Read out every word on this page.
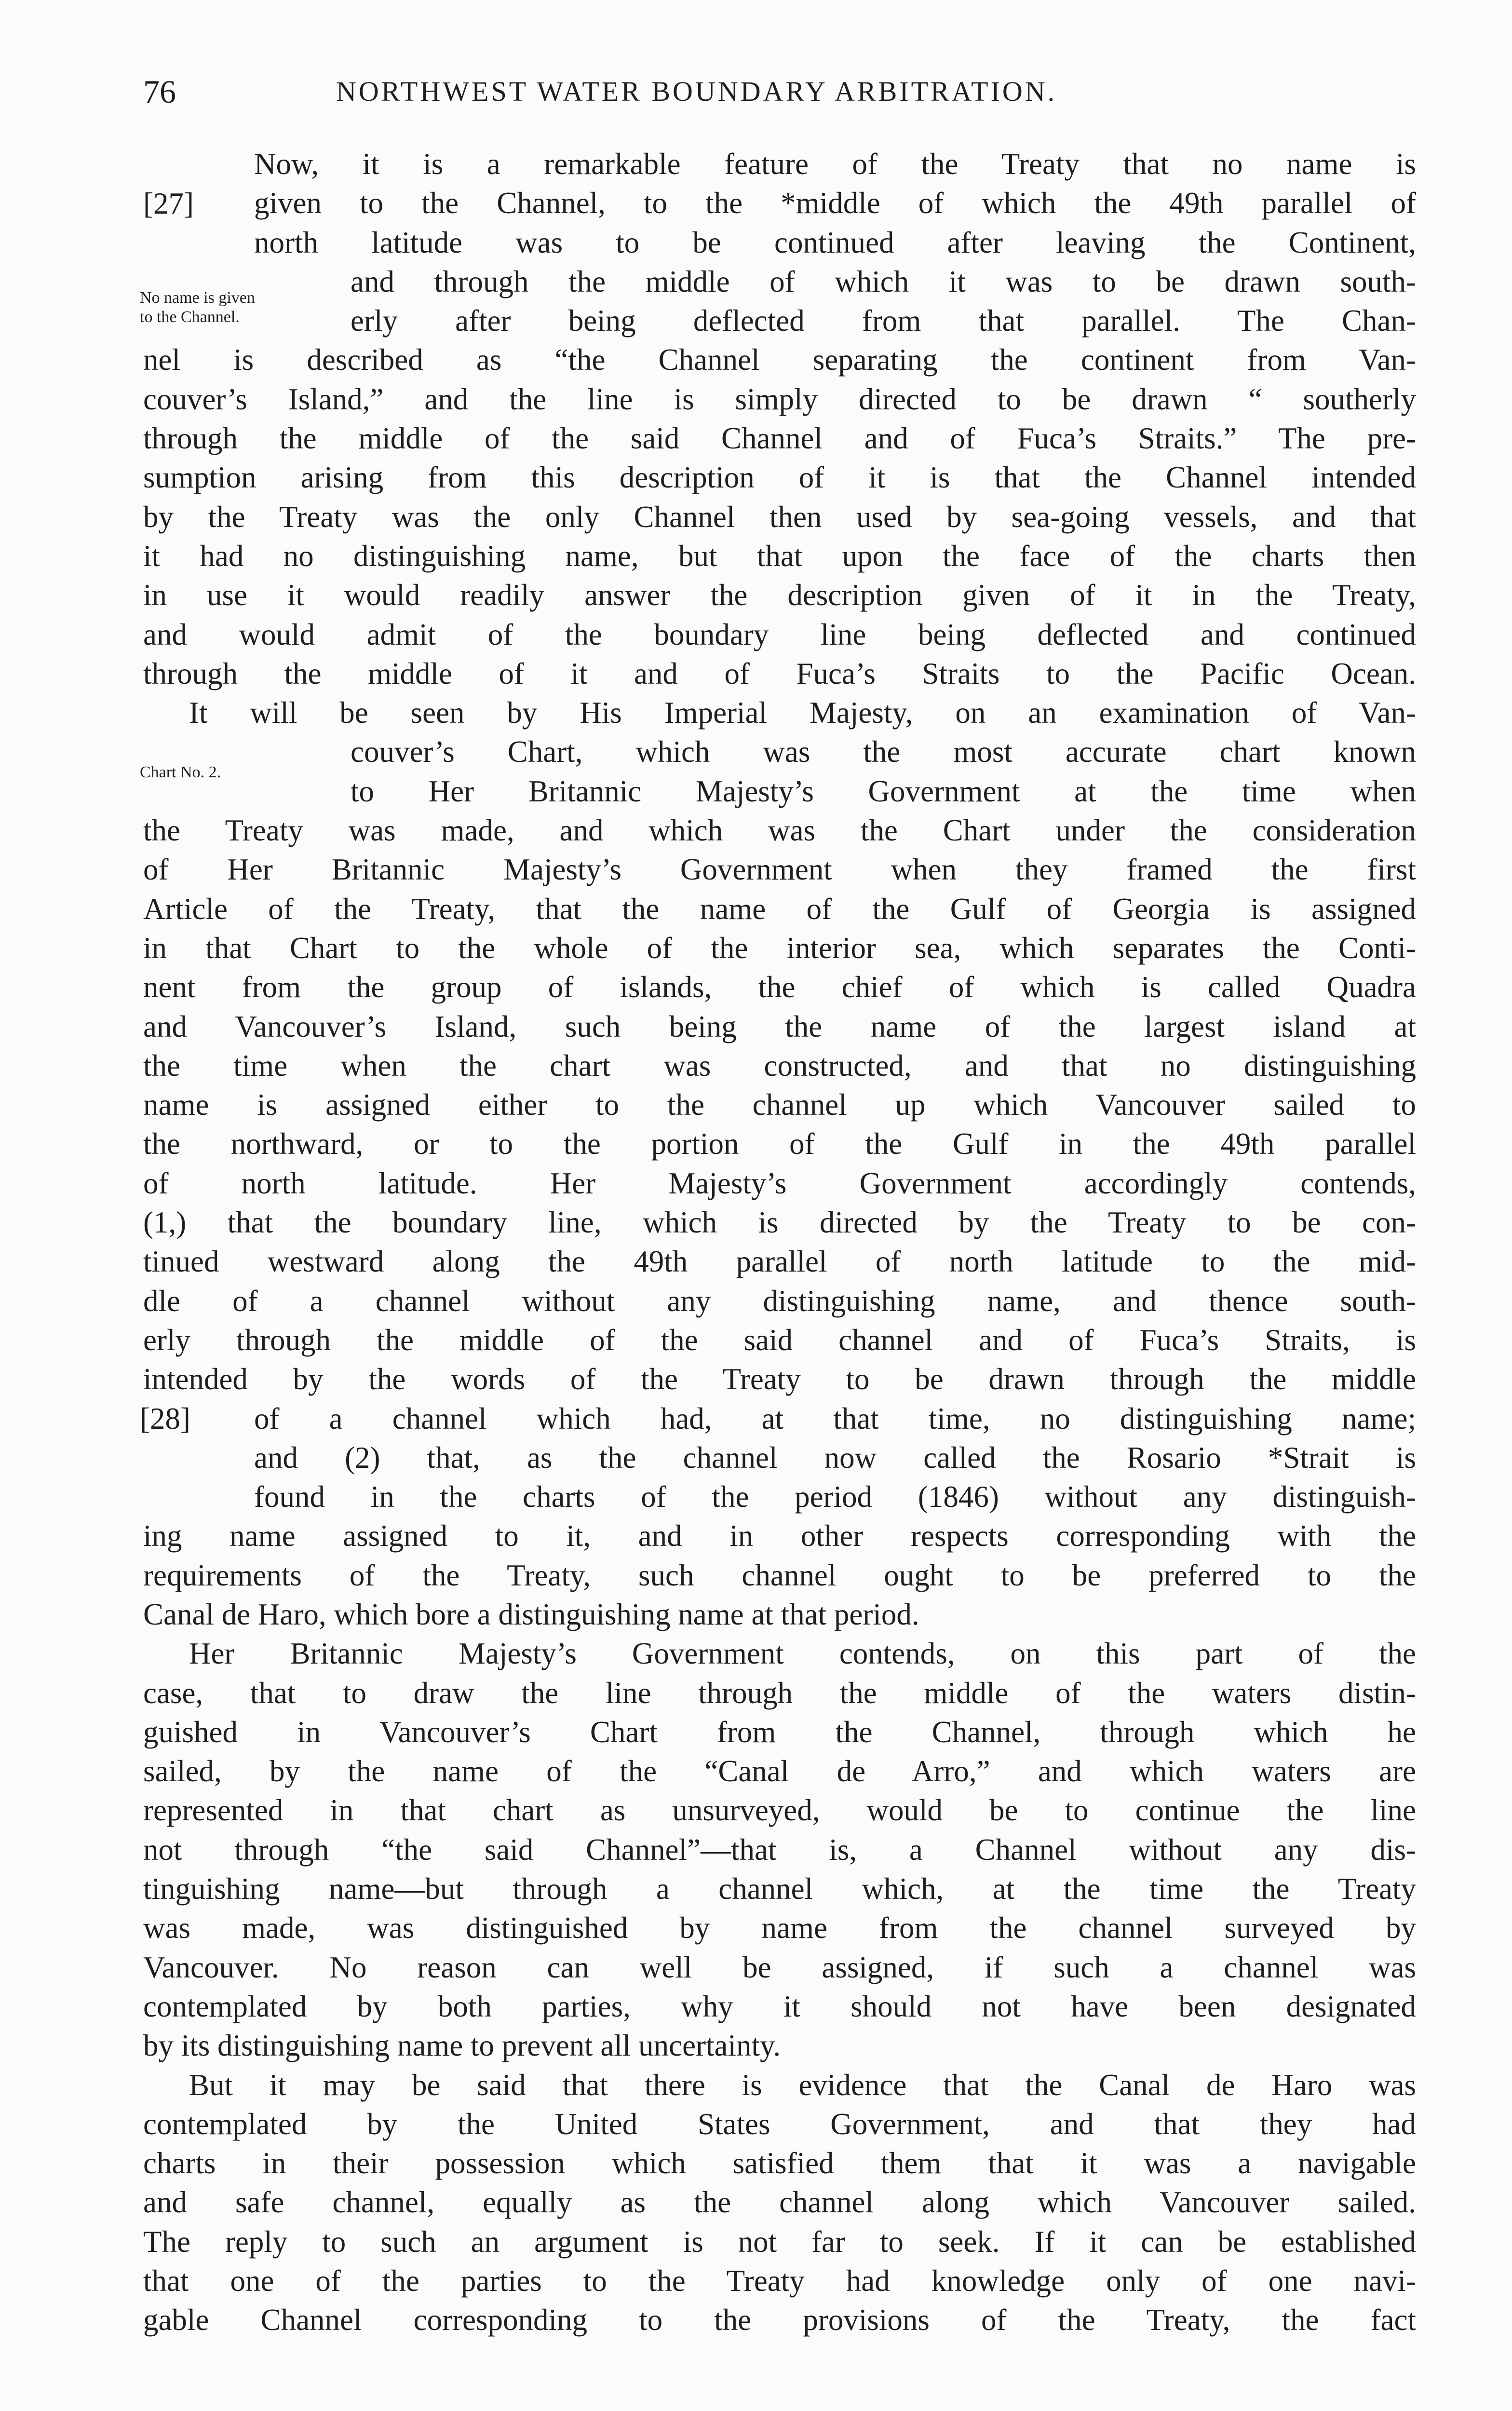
76	NORTHWEST WATER BOUNDARY ARBITRATION.
[27]
No name is given
to the Channel.
Chart No. 2.
[28]
Now, it is a remarkable feature of the Treaty that no name is
given to the Channel, to the *middle of which the 49th parallel of
north latitude was to be continued after leaving the Continent,
and through the middle of which it was to be drawn south-
erly after being deflected from that parallel. The Chan-
nel is described as “the Channel separating the continent from Van-
couver’s Island,” and the line is simply directed to be drawn “ southerly
through the middle of the said Channel and of Fuca’s Straits.” The pre-
sumption arising from this description of it is that the Channel intended
by the Treaty was the only Channel then used by sea-going vessels, and that
it had no distinguishing name, but that upon the face of the charts then
in use it would readily answer the description given of it in the Treaty,
and would admit of the boundary line being deflected and continued
through the middle of it and of Fuca’s Straits to the Pacific Ocean.
It will be seen by His Imperial Majesty, on an examination of Van-
couver’s Chart, which was the most accurate chart known
to Her Britannic Majesty’s Government at the time when
the Treaty was made, and which was the Chart under the consideration
of Her Britannic Majesty’s Government when they framed the first
Article of the Treaty, that the name of the Gulf of Georgia is assigned
in that Chart to the whole of the interior sea, which separates the Conti-
nent from the group of islands, the chief of which is called Quadra
and Vancouver’s Island, such being the name of the largest island at
the time when the chart was constructed, and that no distinguishing
name is assigned either to the channel up which Vancouver sailed to
the northward, or to the portion of the Gulf in the 49th parallel
of north latitude. Her Majesty’s Government accordingly contends,
(1,) that the boundary line, which is directed by the Treaty to be con-
tinued westward along the 49th parallel of north latitude to the mid-
dle of a channel without any distinguishing name, and thence south-
erly through the middle of the said channel and of Fuca’s Straits, is
intended by the words of the Treaty to be drawn through the middle
of a channel which had, at that time, no distinguishing name;
and (2) that, as the channel now called the Rosario *Strait is
found in the charts of the period (1846) without any distinguish-
ing name assigned to it, and in other respects corresponding with the
requirements of the Treaty, such channel ought to be preferred to the
Canal de Haro, which bore a distinguishing name at that period.
Her Britannic Majesty’s Government contends, on this part of the
case, that to draw the line through the middle of the waters distin-
guished in Vancouver’s Chart from the Channel, through which he
sailed, by the name of the “Canal de Arro,” and which waters are
represented in that chart as unsurveyed, would be to continue the line
not through “the said Channel”—that is, a Channel without any dis-
tinguishing name—but through a channel which, at the time the Treaty
was made, was distinguished by name from the channel surveyed by
Vancouver. No reason can well be assigned, if such a channel was
contemplated by both parties, why it should not have been designated
by its distinguishing name to prevent all uncertainty.
But it may be said that there is evidence that the Canal de Haro was
contemplated by the United States Government, and that they had
charts in their possession which satisfied them that it was a navigable
and safe channel, equally as the channel along which Vancouver sailed.
The reply to such an argument is not far to seek. If it can be established
that one of the parties to the Treaty had knowledge only of one navi-
gable Channel corresponding to the provisions of the Treaty, the fact
